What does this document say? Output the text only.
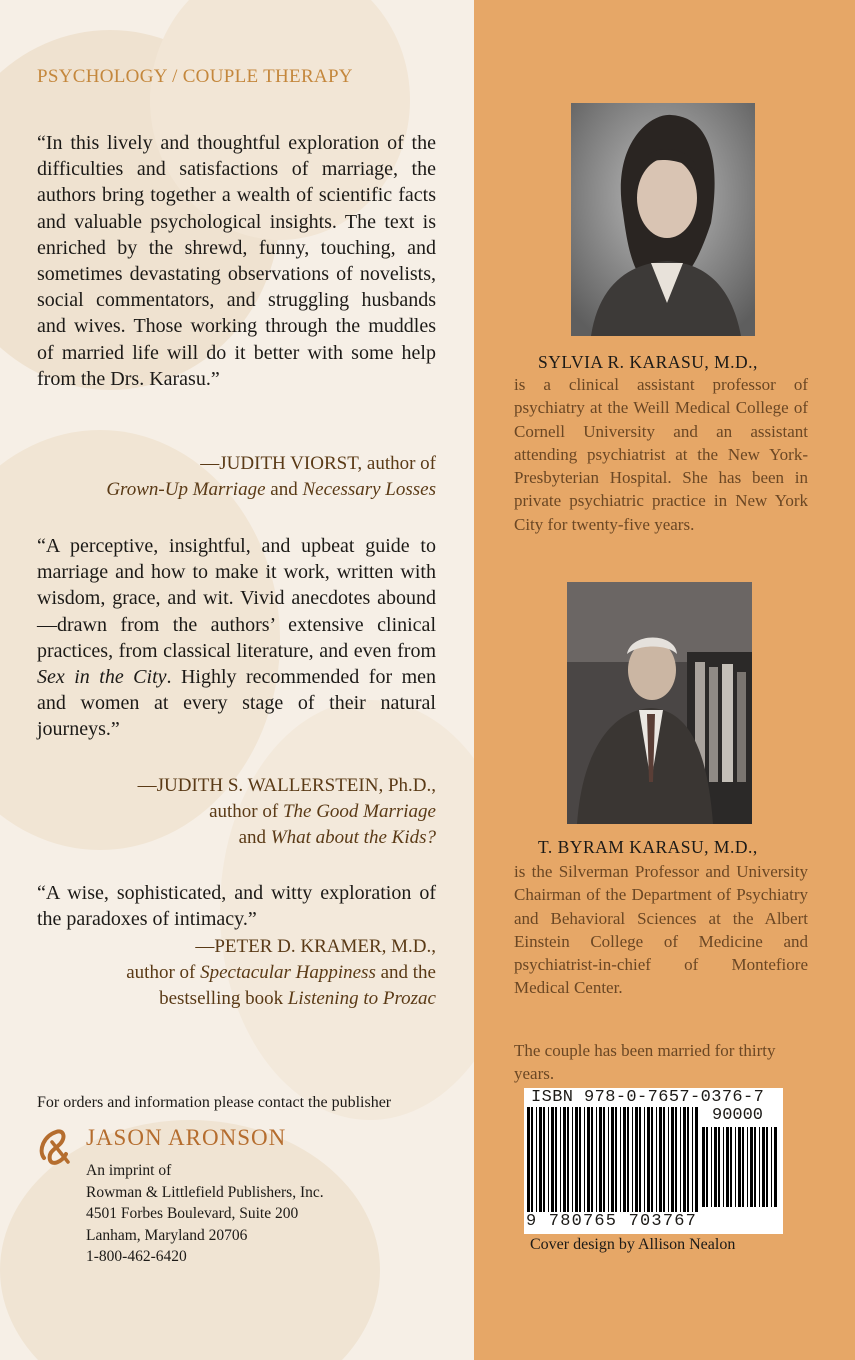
PSYCHOLOGY / COUPLE THERAPY

“In this lively and thoughtful exploration of the difficulties and satisfactions of marriage, the authors bring together a wealth of scientific facts and valuable psychological insights. The text is enriched by the shrewd, funny, touching, and sometimes devastating observations of novelists, social commentators, and struggling husbands and wives. Those working through the muddles of married life will do it better with some help from the Drs. Karasu.”

—JUDITH VIORST, author of
Grown-Up Marriage and Necessary Losses

“A perceptive, insightful, and upbeat guide to marriage and how to make it work, written with wisdom, grace, and wit. Vivid anecdotes abound—drawn from the authors’ extensive clinical practices, from classical literature, and even from Sex in the City. Highly recommended for men and women at every stage of their natural journeys.”

—JUDITH S. WALLERSTEIN, Ph.D.,
author of The Good Marriage
and What about the Kids?

“A wise, sophisticated, and witty exploration of the paradoxes of intimacy.”

—PETER D. KRAMER, M.D.,
author of Spectacular Happiness and the
bestselling book Listening to Prozac

For orders and information please contact the publisher

JASON ARONSON

An imprint of
Rowman & Littlefield Publishers, Inc.
4501 Forbes Boulevard, Suite 200
Lanham, Maryland 20706
1-800-462-6420

SYLVIA R. KARASU, M.D.,

is a clinical assistant professor of psychiatry at the Weill Medical College of Cornell University and an assistant attending psychiatrist at the New York-Presbyterian Hospital. She has been in private psychiatric practice in New York City for twenty-five years.

T. BYRAM KARASU, M.D.,

is the Silverman Professor and University Chairman of the Department of Psychiatry and Behavioral Sciences at the Albert Einstein College of Medicine and psychiatrist-in-chief of Montefiore Medical Center.

The couple has been married for thirty years.

ISBN 978-0-7657-0376-7

90000

9 780765 703767

Cover design by Allison Nealon
